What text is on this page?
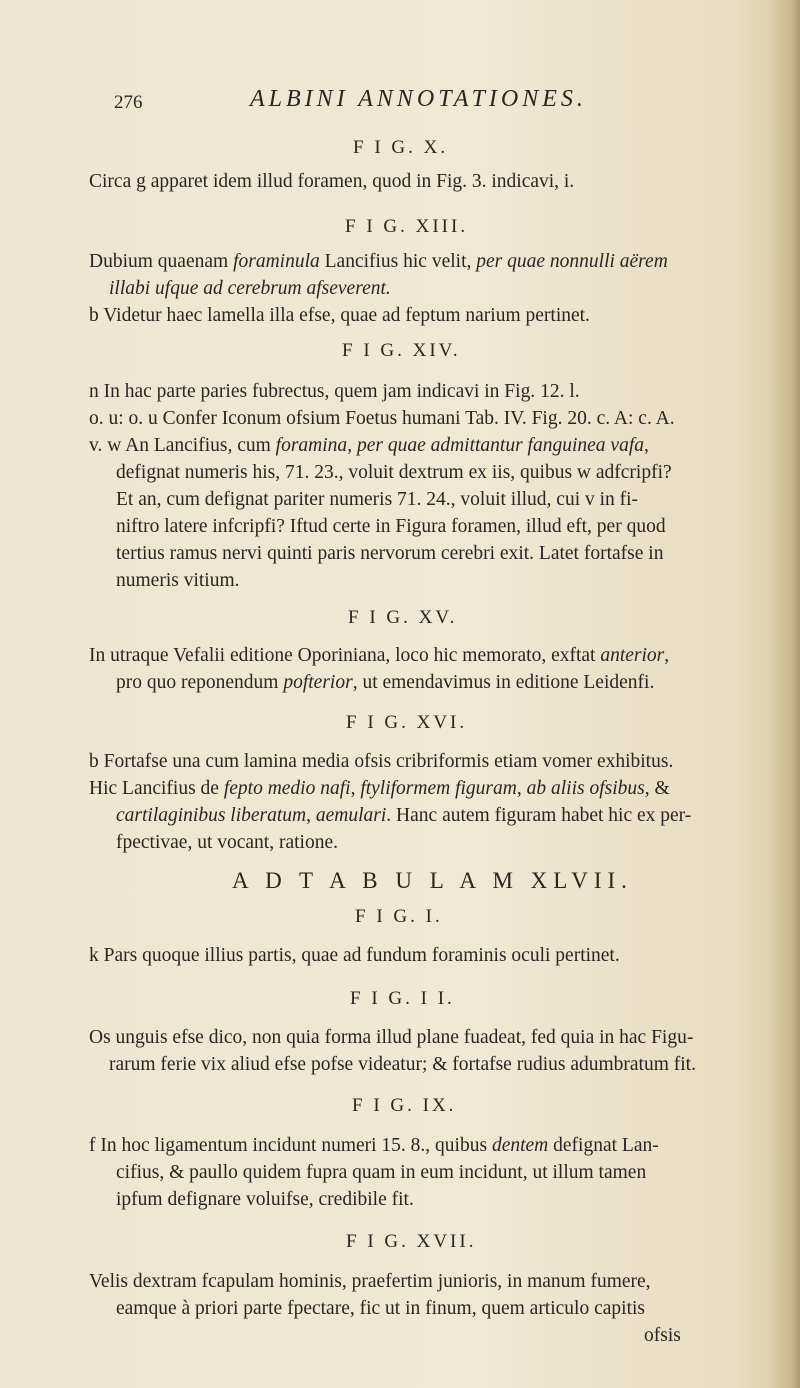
276	ALBINI ANNOTATIONES.
F I G. X.

Circa g apparet idem illud foramen, quod in Fig. 3. indicavi, i.

F I G. XIII.

Dubium quaenam foraminula Lancifius hic velit, per quae nonnulli aërem

illabi ufque ad cerebrum afseverent.

b Videtur haec lamella illa efse, quae ad feptum narium pertinet.

F I G. XIV.

n In hac parte paries fubrectus, quem jam indicavi in Fig. 12. l.

o. u: o. u Confer Iconum ofsium Foetus humani Tab. IV. Fig. 20. c. A: c. A.

v. w An Lancifius, cum foramina, per quae admittantur fanguinea vafa,

defignat numeris his, 71. 23., voluit dextrum ex iis, quibus w adfcripfi?

Et an, cum defignat pariter numeris 71. 24., voluit illud, cui v in fi-

niftro latere infcripfi? Iftud certe in Figura foramen, illud eft, per quod

tertius ramus nervi quinti paris nervorum cerebri exit. Latet fortafse in

numeris vitium.

F I G. XV.

In utraque Vefalii editione Oporiniana, loco hic memorato, exftat anterior,

pro quo reponendum pofterior, ut emendavimus in editione Leidenfi.

F I G. XVI.

b Fortafse una cum lamina media ofsis cribriformis etiam vomer exhibitus.

Hic Lancifius de fepto medio nafi, ftyliformem figuram, ab aliis ofsibus, &

cartilaginibus liberatum, aemulari. Hanc autem figuram habet hic ex per-

fpectivae, ut vocant, ratione.

A D T A B U L A M XLVII.
F I G. I.

k Pars quoque illius partis, quae ad fundum foraminis oculi pertinet.

F I G. I I.

Os unguis efse dico, non quia forma illud plane fuadeat, fed quia in hac Figu-

rarum ferie vix aliud efse pofse videatur; & fortafse rudius adumbratum fit.

F I G. IX.

f In hoc ligamentum incidunt numeri 15. 8., quibus dentem defignat Lan-

cifius, & paullo quidem fupra quam in eum incidunt, ut illum tamen

ipfum defignare voluifse, credibile fit.

F I G. XVII.

Velis dextram fcapulam hominis, praefertim junioris, in manum fumere,

eamque à priori parte fpectare, fic ut in finum, quem articulo capitis

ofsis
